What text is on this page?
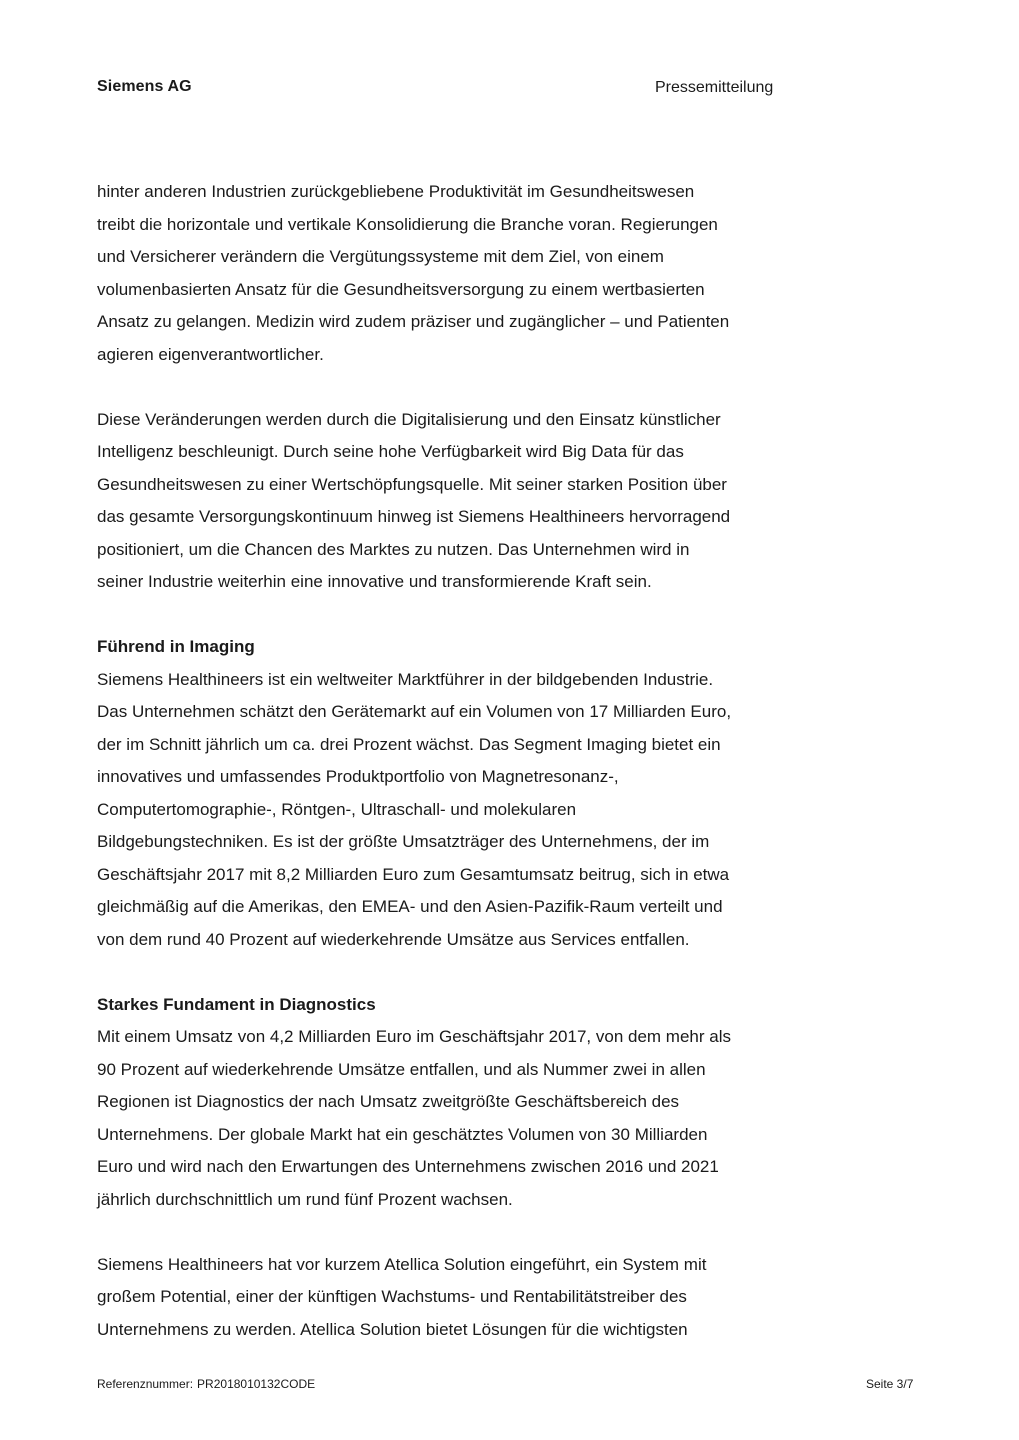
Siemens AG	Pressemitteilung

hinter anderen Industrien zurückgebliebene Produktivität im Gesundheitswesen
treibt die horizontale und vertikale Konsolidierung die Branche voran. Regierungen
und Versicherer verändern die Vergütungssysteme mit dem Ziel, von einem
volumenbasierten Ansatz für die Gesundheitsversorgung zu einem wertbasierten
Ansatz zu gelangen. Medizin wird zudem präziser und zugänglicher – und Patienten
agieren eigenverantwortlicher.

Diese Veränderungen werden durch die Digitalisierung und den Einsatz künstlicher
Intelligenz beschleunigt. Durch seine hohe Verfügbarkeit wird Big Data für das
Gesundheitswesen zu einer Wertschöpfungsquelle. Mit seiner starken Position über
das gesamte Versorgungskontinuum hinweg ist Siemens Healthineers hervorragend
positioniert, um die Chancen des Marktes zu nutzen. Das Unternehmen wird in
seiner Industrie weiterhin eine innovative und transformierende Kraft sein.

Führend in Imaging

Siemens Healthineers ist ein weltweiter Marktführer in der bildgebenden Industrie.
Das Unternehmen schätzt den Gerätemarkt auf ein Volumen von 17 Milliarden Euro,
der im Schnitt jährlich um ca. drei Prozent wächst. Das Segment Imaging bietet ein
innovatives und umfassendes Produktportfolio von Magnetresonanz-,
Computertomographie-, Röntgen-, Ultraschall- und molekularen
Bildgebungstechniken. Es ist der größte Umsatzträger des Unternehmens, der im
Geschäftsjahr 2017 mit 8,2 Milliarden Euro zum Gesamtumsatz beitrug, sich in etwa
gleichmäßig auf die Amerikas, den EMEA- und den Asien-Pazifik-Raum verteilt und
von dem rund 40 Prozent auf wiederkehrende Umsätze aus Services entfallen.

Starkes Fundament in Diagnostics

Mit einem Umsatz von 4,2 Milliarden Euro im Geschäftsjahr 2017, von dem mehr als
90 Prozent auf wiederkehrende Umsätze entfallen, und als Nummer zwei in allen
Regionen ist Diagnostics der nach Umsatz zweitgrößte Geschäftsbereich des
Unternehmens. Der globale Markt hat ein geschätztes Volumen von 30 Milliarden
Euro und wird nach den Erwartungen des Unternehmens zwischen 2016 und 2021
jährlich durchschnittlich um rund fünf Prozent wachsen.

Siemens Healthineers hat vor kurzem Atellica Solution eingeführt, ein System mit
großem Potential, einer der künftigen Wachstums- und Rentabilitätstreiber des
Unternehmens zu werden. Atellica Solution bietet Lösungen für die wichtigsten

Referenznummer: PR2018010132CODE	Seite 3/7
